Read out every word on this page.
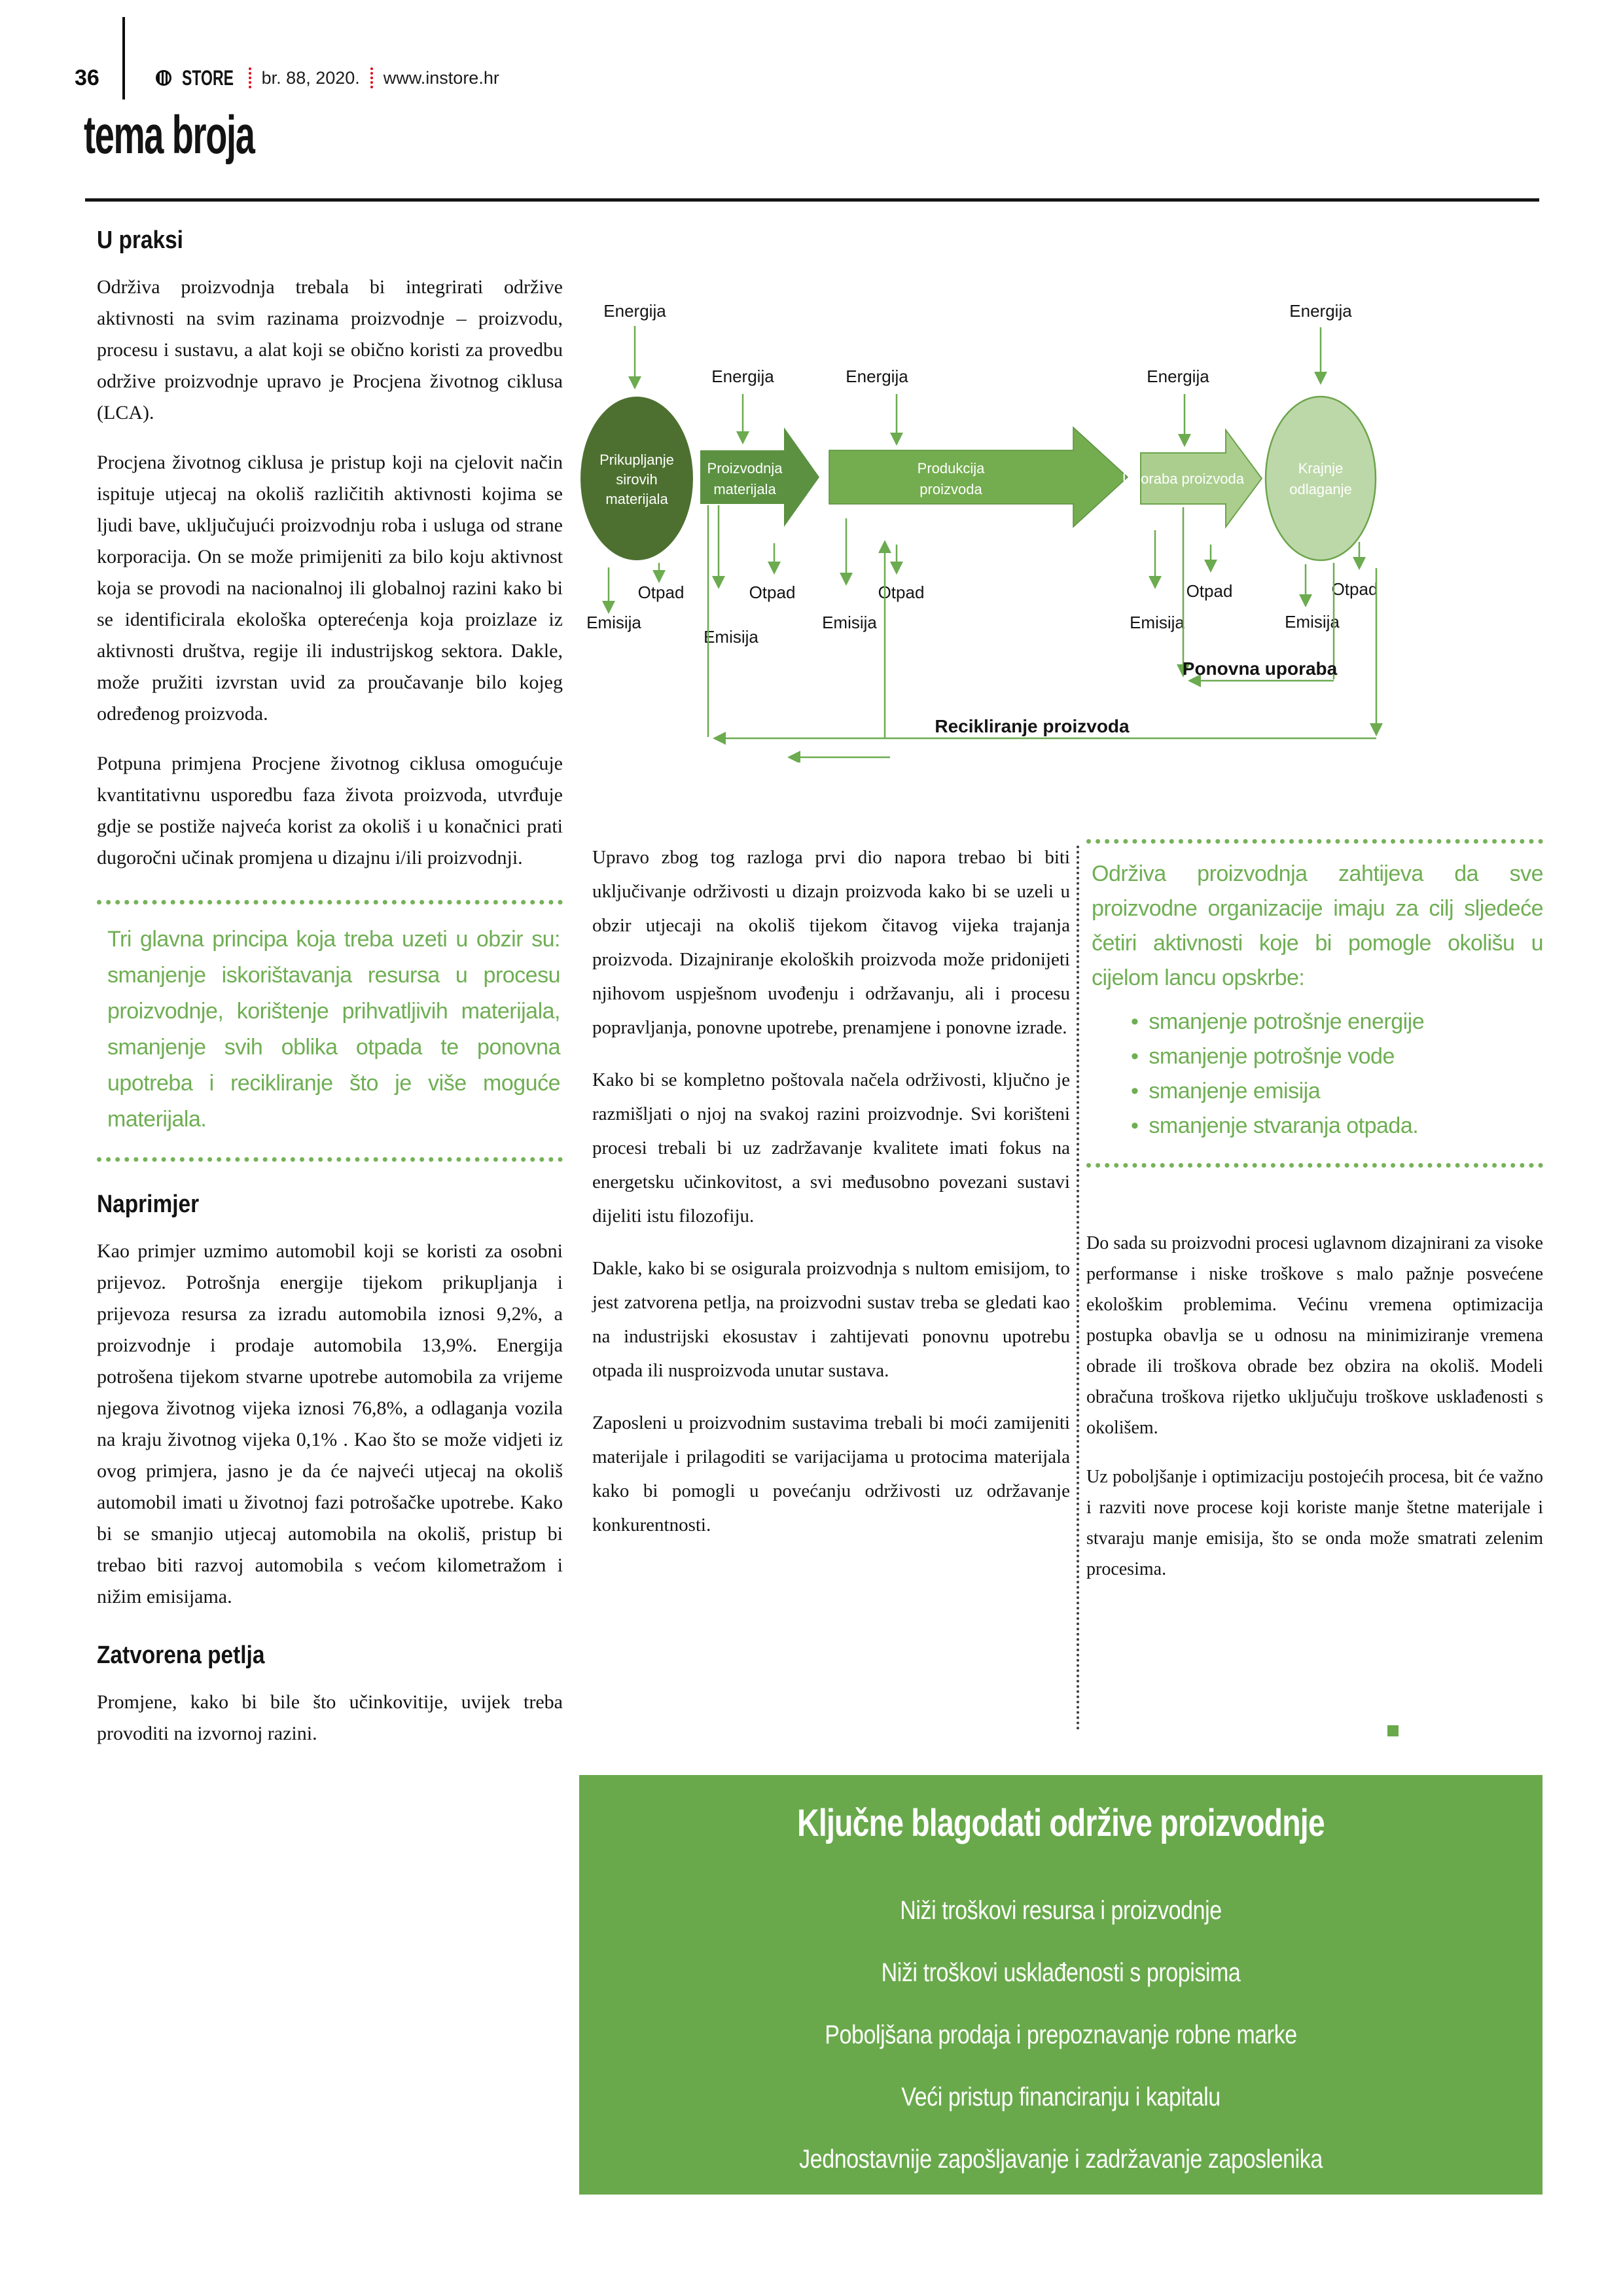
36	STORE br. 88, 2020. www.instore.hr
tema broja
Energija
Energija	Energija	Energija
Energija
Prikupljanje
sirovih
materijala
Proizvodnja
materijala
Produkcija
proizvoda
Uporaba proizvoda
Krajnje
odlaganje
Otpad	Otpad	Otpad	Otpad	Otpad
Emisija
Emisija
Emisija	Emisija	Emisija
Ponovna uporaba
Recikliranje proizvoda
U praksi

Održiva proizvodnja trebala bi integrirati održive aktivnosti na svim razinama proizvodnje – proizvodu, procesu i sustavu, a alat koji se obično koristi za provedbu održive proizvodnje upravo je Procjena životnog ciklusa (LCA).

Procjena životnog ciklusa je pristup koji na cjelovit način ispituje utjecaj na okoliš različitih aktivnosti kojima se ljudi bave, uključujući proizvodnju roba i usluga od strane korporacija. On se može primijeniti za bilo koju aktivnost koja se provodi na nacionalnoj ili globalnoj razini kako bi se identificirala ekološka opterećenja koja proizlaze iz aktivnosti društva, regije ili industrijskog sektora. Dakle, može pružiti izvrstan uvid za proučavanje bilo kojeg određenog proizvoda.

Potpuna primjena Procjene životnog ciklusa omogućuje kvantitativnu usporedbu faza života proizvoda, utvrđuje gdje se postiže najveća korist za okoliš i u konačnici prati dugoročni učinak promjena u dizajnu i/ili proizvodnji.

Tri glavna principa koja treba uzeti u obzir su: smanjenje iskorištavanja resursa u procesu proizvodnje, korištenje prihvatljivih materijala, smanjenje svih oblika otpada te ponovna upotreba i recikliranje što je više moguće materijala.
Naprimjer

Kao primjer uzmimo automobil koji se koristi za osobni prijevoz. Potrošnja energije tijekom prikupljanja i prijevoza resursa za izradu automobila iznosi 9,2%, a proizvodnje i prodaje automobila 13,9%. Energija potrošena tijekom stvarne upotrebe automobila za vrijeme njegova životnog vijeka iznosi 76,8%, a odlaganja vozila na kraju životnog vijeka 0,1% . Kao što se može vidjeti iz ovog primjera, jasno je da će najveći utjecaj na okoliš automobil imati u životnoj fazi potrošačke upotrebe. Kako bi se smanjio utjecaj automobila na okoliš, pristup bi trebao biti razvoj automobila s većom kilometražom i nižim emisijama.

Zatvorena petlja

Promjene, kako bi bile što učinkovitije, uvijek treba provoditi na izvornoj razini.

Upravo zbog tog razloga prvi dio napora trebao bi biti uključivanje održivosti u dizajn proizvoda kako bi se uzeli u obzir utjecaji na okoliš tijekom čitavog vijeka trajanja proizvoda. Dizajniranje ekoloških proizvoda može pridonijeti njihovom uspješnom uvođenju i održavanju, ali i procesu popravljanja, ponovne upotrebe, prenamjene i ponovne izrade.

Kako bi se kompletno poštovala načela održivosti, ključno je razmišljati o njoj na svakoj razini proizvodnje. Svi korišteni procesi trebali bi uz zadržavanje kvalitete imati fokus na energetsku učinkovitost, a svi međusobno povezani sustavi dijeliti istu filozofiju.

Dakle, kako bi se osigurala proizvodnja s nultom emisijom, to jest zatvorena petlja, na proizvodni sustav treba se gledati kao na industrijski ekosustav i zahtijevati ponovnu upotrebu otpada ili nusproizvoda unutar sustava.

Zaposleni u proizvodnim sustavima trebali bi moći zamijeniti materijale i prilagoditi se varijacijama u protocima materijala kako bi pomogli u povećanju održivosti uz održavanje konkurentnosti.

Održiva proizvodnja zahtijeva da sve proizvodne organizacije imaju za cilj sljedeće četiri aktivnosti koje bi pomogle okolišu u cijelom lancu opskrbe:
• smanjenje potrošnje energije
• smanjenje potrošnje vode
• smanjenje emisija
• smanjenje stvaranja otpada.

Do sada su proizvodni procesi uglavnom dizajnirani za visoke performanse i niske troškove s malo pažnje posvećene ekološkim problemima. Većinu vremena optimizacija postupka obavlja se u odnosu na minimiziranje vremena obrade ili troškova obrade bez obzira na okoliš. Modeli obračuna troškova rijetko uključuju troškove usklađenosti s okolišem.

Uz poboljšanje i optimizaciju postojećih procesa, bit će važno i razviti nove procese koji koriste manje štetne materijale i stvaraju manje emisija, što se onda može smatrati zelenim procesima.

Ključne blagodati održive proizvodnje
Niži troškovi resursa i proizvodnje
Niži troškovi usklađenosti s propisima
Poboljšana prodaja i prepoznavanje robne marke
Veći pristup financiranju i kapitalu
Jednostavnije zapošljavanje i zadržavanje zaposlenika
